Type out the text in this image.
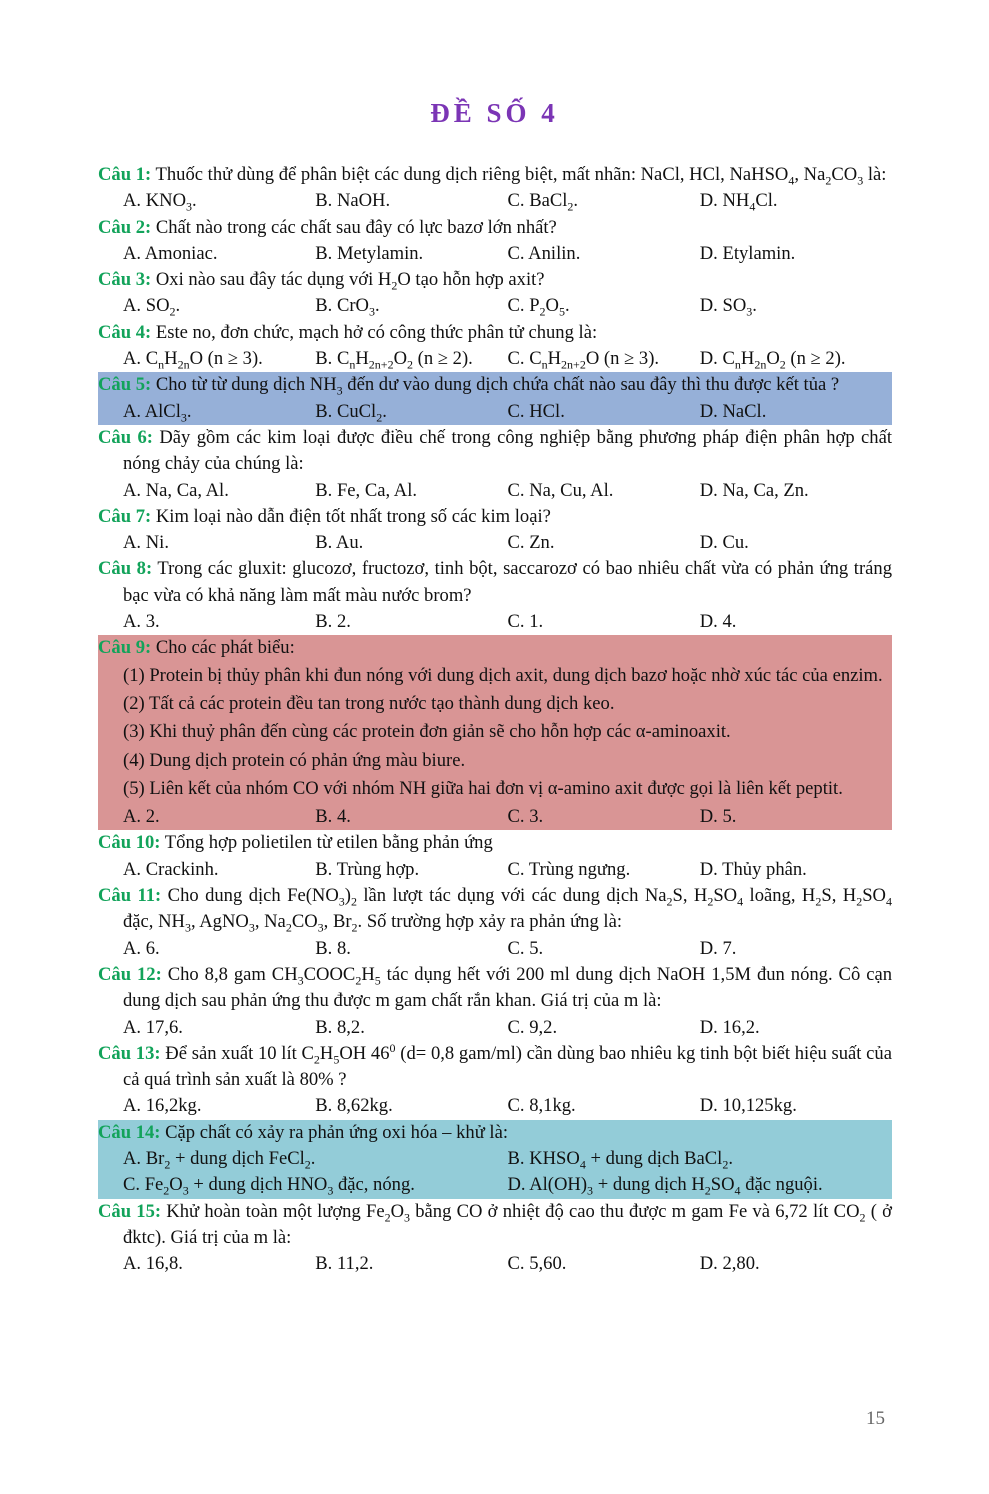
ĐỀ SỐ 4
Câu 1: Thuốc thử dùng để phân biệt các dung dịch riêng biệt, mất nhãn: NaCl, HCl, NaHSO$_4$, $Na_2CO_3$ là:
A. $KNO_3$.	B. NaOH.	C. BaCl$_2$.	D. $NH_4Cl$.
Câu 2: Chất nào trong các chất sau đây có lực bazơ lớn nhất?
A. Amoniac.	B. Metylamin.	C. Anilin.	D. Etylamin.
Câu 3: Oxi nào sau đây tác dụng với $H_2O$ tạo hỗn hợp axit?
A. $SO_2$.	B. CrO$_3$.	C. $P_2O_5$.	D. $SO_3$.
Câu 4: Este no, đơn chức, mạch hở có công thức phân tử chung là:
A. $C_nH_{2n}O$ (n ≥ 3).	B. $C_nH_{2n+2}O_2$ (n ≥ 2).	C. $C_nH_{2n+2}O$ (n ≥ 3).	D. $C_nH_{2n}O_2$ (n ≥ 2).
Câu 5: Cho từ từ dung dịch $NH_3$ đến dư vào dung dịch chứa chất nào sau đây thì thu được kết tủa ?
A. AlCl$_3$.	B. CuCl$_2$.	C. HCl.	D. NaCl.
Câu 6: Dãy gồm các kim loại được điều chế trong công nghiệp bằng phương pháp điện phân hợp chất nóng chảy của chúng là:
A. Na, Ca, Al.	B. Fe, Ca, Al.	C. Na, Cu, Al.	D. Na, Ca, Zn.
Câu 7: Kim loại nào dẫn điện tốt nhất trong số các kim loại?
A. Ni.	B. Au.	C. Zn.	D. Cu.
Câu 8: Trong các gluxit: glucozơ, fructozơ, tinh bột, saccarozơ có bao nhiêu chất vừa có phản ứng tráng bạc vừa có khả năng làm mất màu nước brom?
A. 3.	B. 2.	C. 1.	D. 4.
Câu 9: Cho các phát biểu:
(1) Protein bị thủy phân khi đun nóng với dung dịch axit, dung dịch bazơ hoặc nhờ xúc tác của enzim.
(2) Tất cả các protein đều tan trong nước tạo thành dung dịch keo.
(3) Khi thuỷ phân đến cùng các protein đơn giản sẽ cho hỗn hợp các α-aminoaxit.
(4) Dung dịch protein có phản ứng màu biure.
(5) Liên kết của nhóm CO với nhóm NH giữa hai đơn vị α-amino axit được gọi là liên kết peptit.
A. 2.	B. 4.	C. 3.	D. 5.
Câu 10: Tổng hợp polietilen từ etilen bằng phản ứng
A. Crackinh.	B. Trùng hợp.	C. Trùng ngưng.	D. Thủy phân.
Câu 11: Cho dung dịch $Fe(NO_3)_2$ lần lượt tác dụng với các dung dịch $Na_2S$, $H_2SO_4$ loãng, $H_2S$, $H_2SO_4$ đặc, $NH_3$, AgNO$_3$, $Na_2CO_3$, $Br_2$. Số trường hợp xảy ra phản ứng là:
A. 6.	B. 8.	C. 5.	D. 7.
Câu 12: Cho 8,8 gam $CH_3COOC_2H_5$ tác dụng hết với 200 ml dung dịch NaOH 1,5M đun nóng. Cô cạn dung dịch sau phản ứng thu được m gam chất rắn khan. Giá trị của m là:
A. 17,6.	B. 8,2.	C. 9,2.	D. 16,2.
Câu 13: Để sản xuất 10 lít $C_2H_5OH$ $46^0$ (d= 0,8 gam/ml) cần dùng bao nhiêu kg tinh bột biết hiệu suất của cả quá trình sản xuất là 80% ?
A. 16,2kg.	B. 8,62kg.	C. 8,1kg.	D. 10,125kg.
Câu 14: Cặp chất có xảy ra phản ứng oxi hóa – khử là:
A. $Br_2$ + dung dịch FeCl$_2$.	B. $KHSO_4$ + dung dịch BaCl$_2$.
C. $Fe_2O_3$ + dung dịch $HNO_3$ đặc, nóng.	D. $Al(OH)_3$ + dung dịch $H_2SO_4$ đặc nguội.
Câu 15: Khử hoàn toàn một lượng $Fe_2O_3$ bằng CO ở nhiệt độ cao thu được m gam Fe và 6,72 lít $CO_2$ ( ở đktc). Giá trị của m là:
A. 16,8.	B. 11,2.	C. 5,60.	D. 2,80.
15
